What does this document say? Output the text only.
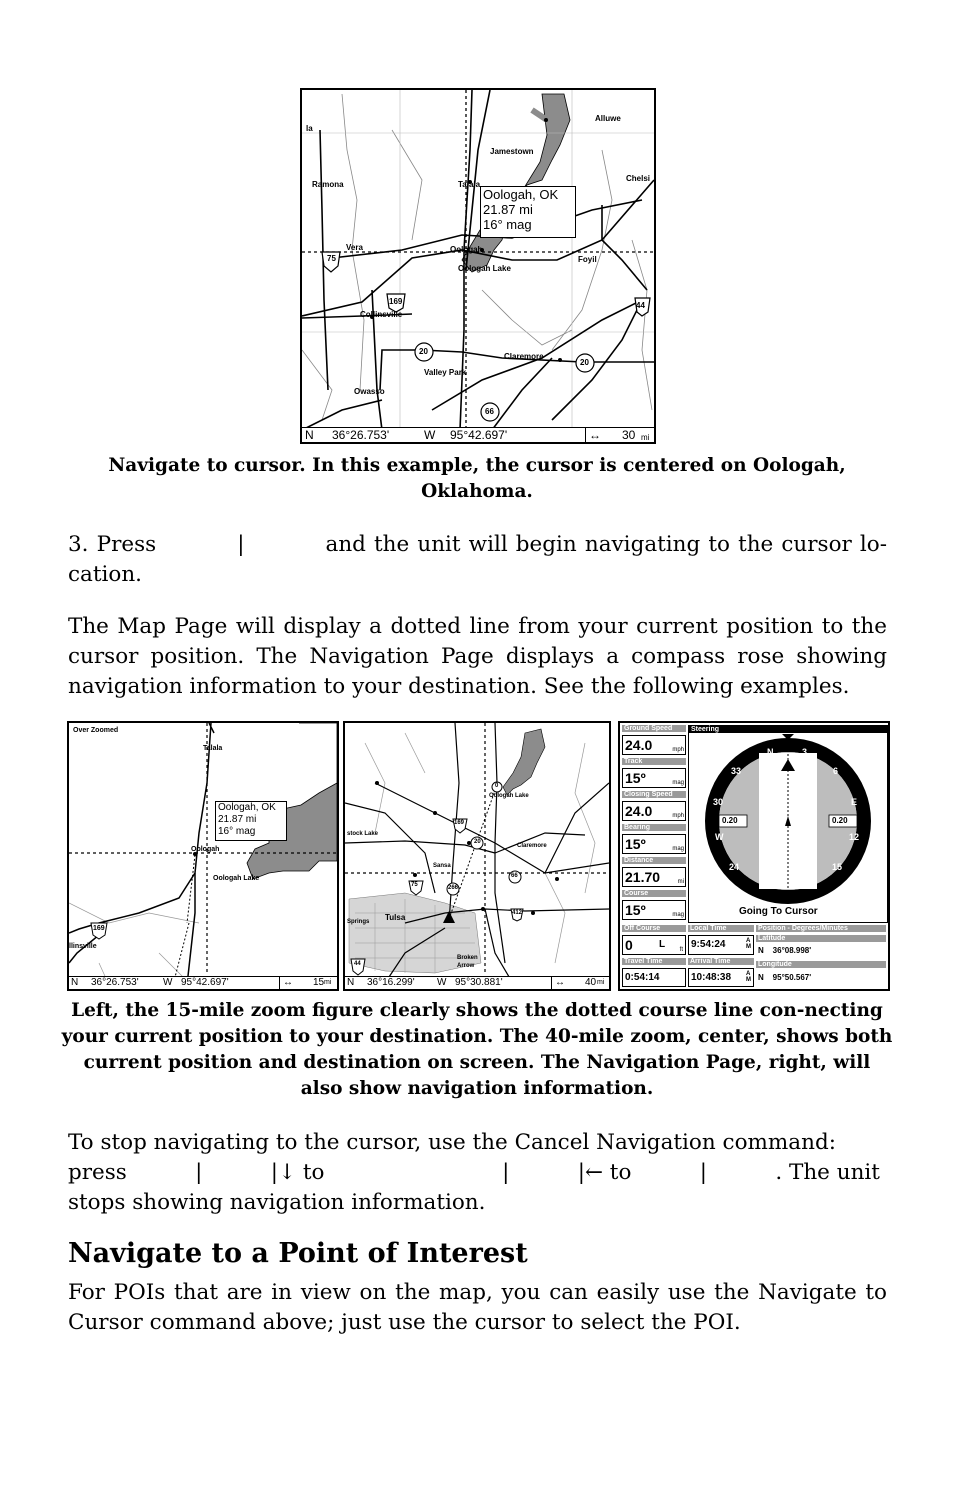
la
Alluwe
Jamestown
Ramona	Talala
Chelsi
Vera	Oologah
Oologah Lake
Foyil
Collinsville
Claremore
Valley Park
Owasso
75
169
20
20
44
66
Oologah, OK
21.87 mi
16° mag
N 36°26.753'	W 95°42.697'	↔ 30 mi
Navigate to cursor. In this example, the cursor is centered on Oologah, Oklahoma.
3. Press          |          and the unit will begin navigating to the cursor lo-cation.
The Map Page will display a dotted line from your current position to the cursor position. The Navigation Page displays a compass rose showing navigation information to your destination. See the following examples.
Over Zoomed
Talala
Oologah
Oologah Lake
llinsville
169
Oologah, OK
21.87 mi
16° mag
N 36°26.753' W 95°42.697'	↔ 15 mi
Oologah Lake
stock Lake
Claremore
Sansa
Tulsa
Springs
Broken
Arrow
0
169
20
66
75	266
412
44
N 36°16.299' W 95°30.881'	↔ 40 mi
Ground Speed
24.0	mph
Track
15º	mag
Closing Speed
24.0	mph
Bearing
15º	mag
Distance
21.70	mi
Course
15º	mag
Steering
N	3
33	6
30	E
W	12
24	15
21	S
0.20	0.20
Going To Cursor
Off Course
0	L ft
Local Time
9:54:24	AM
Position - Degrees/Minutes
Latitude
N    36°08.998'
Travel Time
0:54:14
Arrival Time
10:48:38 AM
Longitude
N    95°50.567'
Left, the 15-mile zoom figure clearly shows the dotted course line con-necting your current position to your destination. The 40-mile zoom, center, shows both current position and destination on screen. The Navigation Page, right, will also show navigation information.
To stop navigating to the cursor, use the Cancel Navigation command:
press          |          |↓ to                          |          |← to          |          . The unit
stops showing navigation information.
Navigate to a Point of Interest
For POIs that are in view on the map, you can easily use the Navigate to Cursor command above; just use the cursor to select the POI.
